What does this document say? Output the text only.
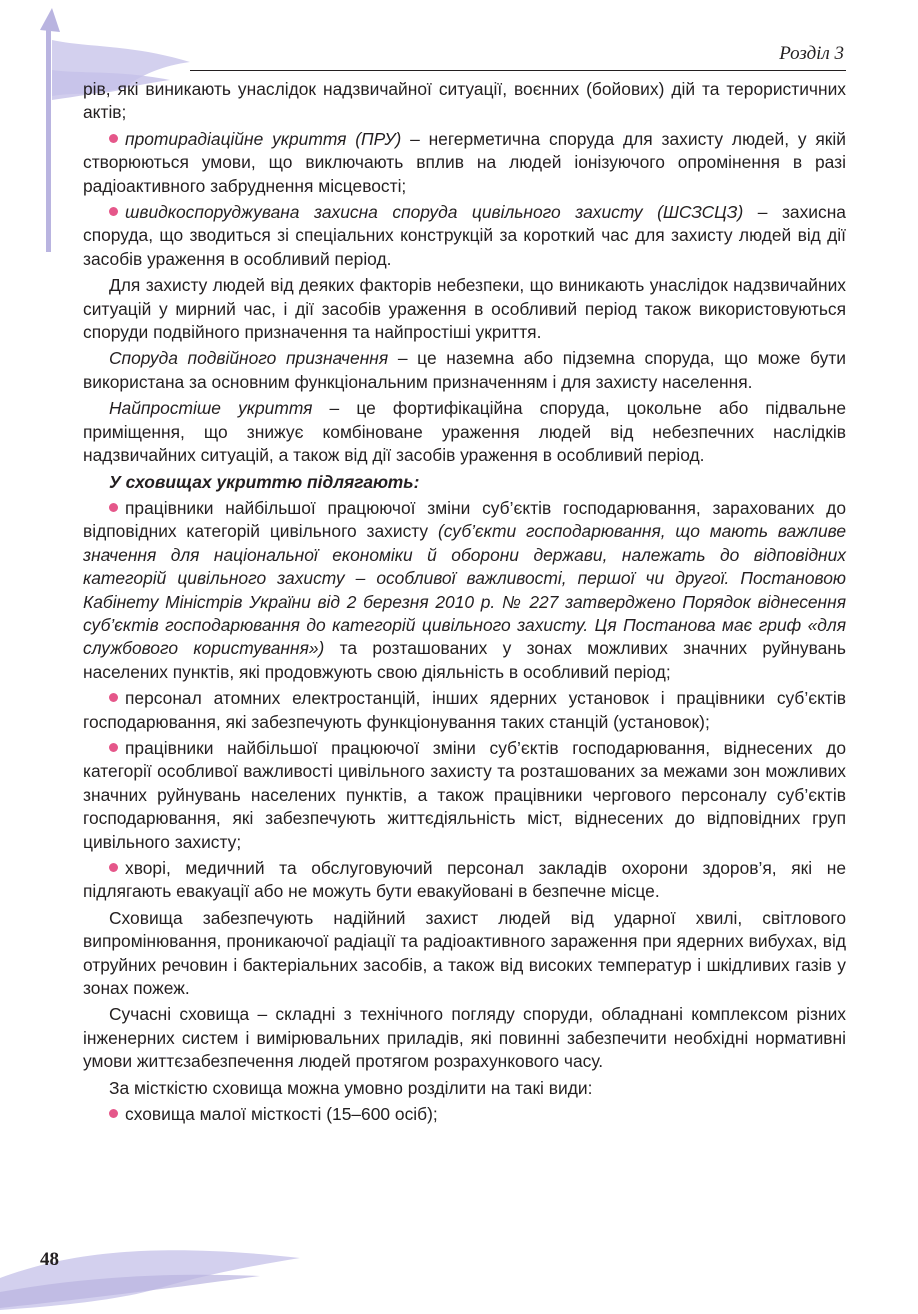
Розділ 3

рів, які виникають унаслідок надзвичайної ситуації, воєнних (бойових) дій та терористичних актів;

протирадіаційне укриття (ПРУ) – негерметична споруда для захисту людей, у якій створюються умови, що виключають вплив на людей іонізуючого опромінення в разі радіоактивного забруднення місцевості;

швидкоспоруджувана захисна споруда цивільного захисту (ШСЗСЦЗ) – захисна споруда, що зводиться зі спеціальних конструкцій за короткий час для захисту людей від дії засобів ураження в особливий період.

Для захисту людей від деяких факторів небезпеки, що виникають унаслідок надзвичайних ситуацій у мирний час, і дії засобів ураження в особливий період також використовуються споруди подвійного призначення та найпростіші укриття.

Споруда подвійного призначення – це наземна або підземна споруда, що може бути використана за основним функціональним призначенням і для захисту населення.

Найпростіше укриття – це фортифікаційна споруда, цокольне або підвальне приміщення, що знижує комбіноване ураження людей від небезпечних наслідків надзвичайних ситуацій, а також від дії засобів ураження в особливий період.

У сховищах укриттю підлягають:

працівники найбільшої працюючої зміни суб’єктів господарювання, зарахованих до відповідних категорій цивільного захисту (суб’єкти господарювання, що мають важливе значення для національної економіки й оборони держави, належать до відповідних категорій цивільного захисту – особливої важливості, першої чи другої. Постановою Кабінету Міністрів України від 2 березня 2010 р. № 227 затверджено Порядок віднесення суб’єктів господарювання до категорій цивільного захисту. Ця Постанова має гриф «для службового користування») та розташованих у зонах можливих значних руйнувань населених пунктів, які продовжують свою діяльність в особливий період;

персонал атомних електростанцій, інших ядерних установок і працівники суб’єктів господарювання, які забезпечують функціонування таких станцій (установок);

працівники найбільшої працюючої зміни суб’єктів господарювання, віднесених до категорії особливої важливості цивільного захисту та розташованих за межами зон можливих значних руйнувань населених пунктів, а також працівники чергового персоналу суб’єктів господарювання, які забезпечують життєдіяльність міст, віднесених до відповідних груп цивільного захисту;

хворі, медичний та обслуговуючий персонал закладів охорони здоров’я, які не підлягають евакуації або не можуть бути евакуйовані в безпечне місце.

Сховища забезпечують надійний захист людей від ударної хвилі, світлового випромінювання, проникаючої радіації та радіоактивного зараження при ядерних вибухах, від отруйних речовин і бактеріальних засобів, а також від високих температур і шкідливих газів у зонах пожеж.

Сучасні сховища – складні з технічного погляду споруди, обладнані комплексом різних інженерних систем і вимірювальних приладів, які повинні забезпечити необхідні нормативні умови життєзабезпечення людей протягом розрахункового часу.

За місткістю сховища можна умовно розділити на такі види:

сховища малої місткості (15–600 осіб);

48
